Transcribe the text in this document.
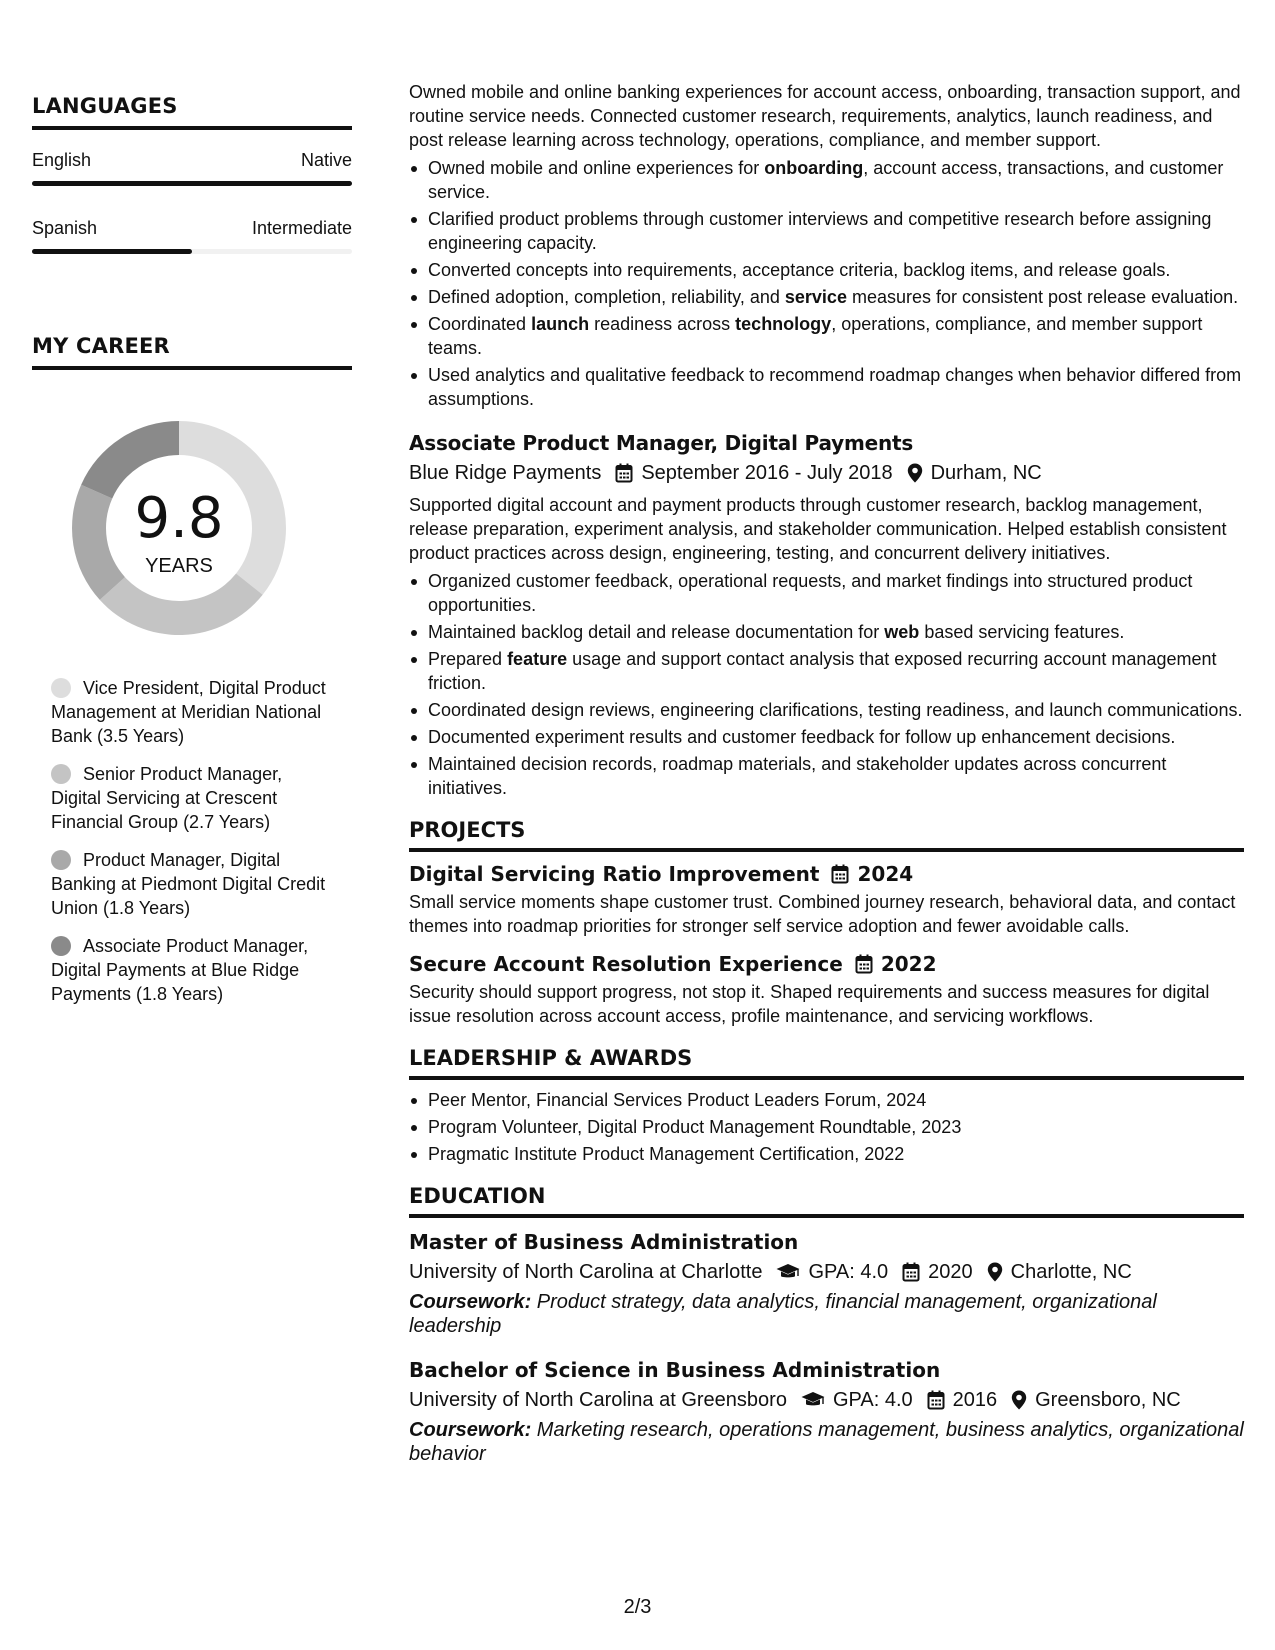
LANGUAGES
English	Native
Spanish	Intermediate
MY CAREER
9.8
YEARS
Vice President, Digital Product Management at Meridian National Bank (3.5 Years)
Senior Product Manager, Digital Servicing at Crescent Financial Group (2.7 Years)
Product Manager, Digital Banking at Piedmont Digital Credit Union (1.8 Years)
Associate Product Manager, Digital Payments at Blue Ridge Payments (1.8 Years)

Owned mobile and online banking experiences for account access, onboarding, transaction support, and routine service needs. Connected customer research, requirements, analytics, launch readiness, and post release learning across technology, operations, compliance, and member support.

Owned mobile and online experiences for onboarding, account access, transactions, and customer service.
Clarified product problems through customer interviews and competitive research before assigning engineering capacity.
Converted concepts into requirements, acceptance criteria, backlog items, and release goals.
Defined adoption, completion, reliability, and service measures for consistent post release evaluation.
Coordinated launch readiness across technology, operations, compliance, and member support teams.
Used analytics and qualitative feedback to recommend roadmap changes when behavior differed from assumptions.
Associate Product Manager, Digital Payments
Blue Ridge Payments September 2016 - July 2018 Durham, NC

Supported digital account and payment products through customer research, backlog management, release preparation, experiment analysis, and stakeholder communication. Helped establish consistent product practices across design, engineering, testing, and concurrent delivery initiatives.

Organized customer feedback, operational requests, and market findings into structured product opportunities.
Maintained backlog detail and release documentation for web based servicing features.
Prepared feature usage and support contact analysis that exposed recurring account management friction.
Coordinated design reviews, engineering clarifications, testing readiness, and launch communications.
Documented experiment results and customer feedback for follow up enhancement decisions.
Maintained decision records, roadmap materials, and stakeholder updates across concurrent initiatives.
PROJECTS
Digital Servicing Ratio Improvement 2024

Small service moments shape customer trust. Combined journey research, behavioral data, and contact themes into roadmap priorities for stronger self service adoption and fewer avoidable calls.

Secure Account Resolution Experience 2022

Security should support progress, not stop it. Shaped requirements and success measures for digital issue resolution across account access, profile maintenance, and servicing workflows.

LEADERSHIP & AWARDS
Peer Mentor, Financial Services Product Leaders Forum, 2024
Program Volunteer, Digital Product Management Roundtable, 2023
Pragmatic Institute Product Management Certification, 2022
EDUCATION
Master of Business Administration
University of North Carolina at Charlotte GPA: 4.0 2020 Charlotte, NC
Coursework: Product strategy, data analytics, financial management, organizational leadership
Bachelor of Science in Business Administration
University of North Carolina at Greensboro GPA: 4.0 2016 Greensboro, NC
Coursework: Marketing research, operations management, business analytics, organizational behavior
2/3
